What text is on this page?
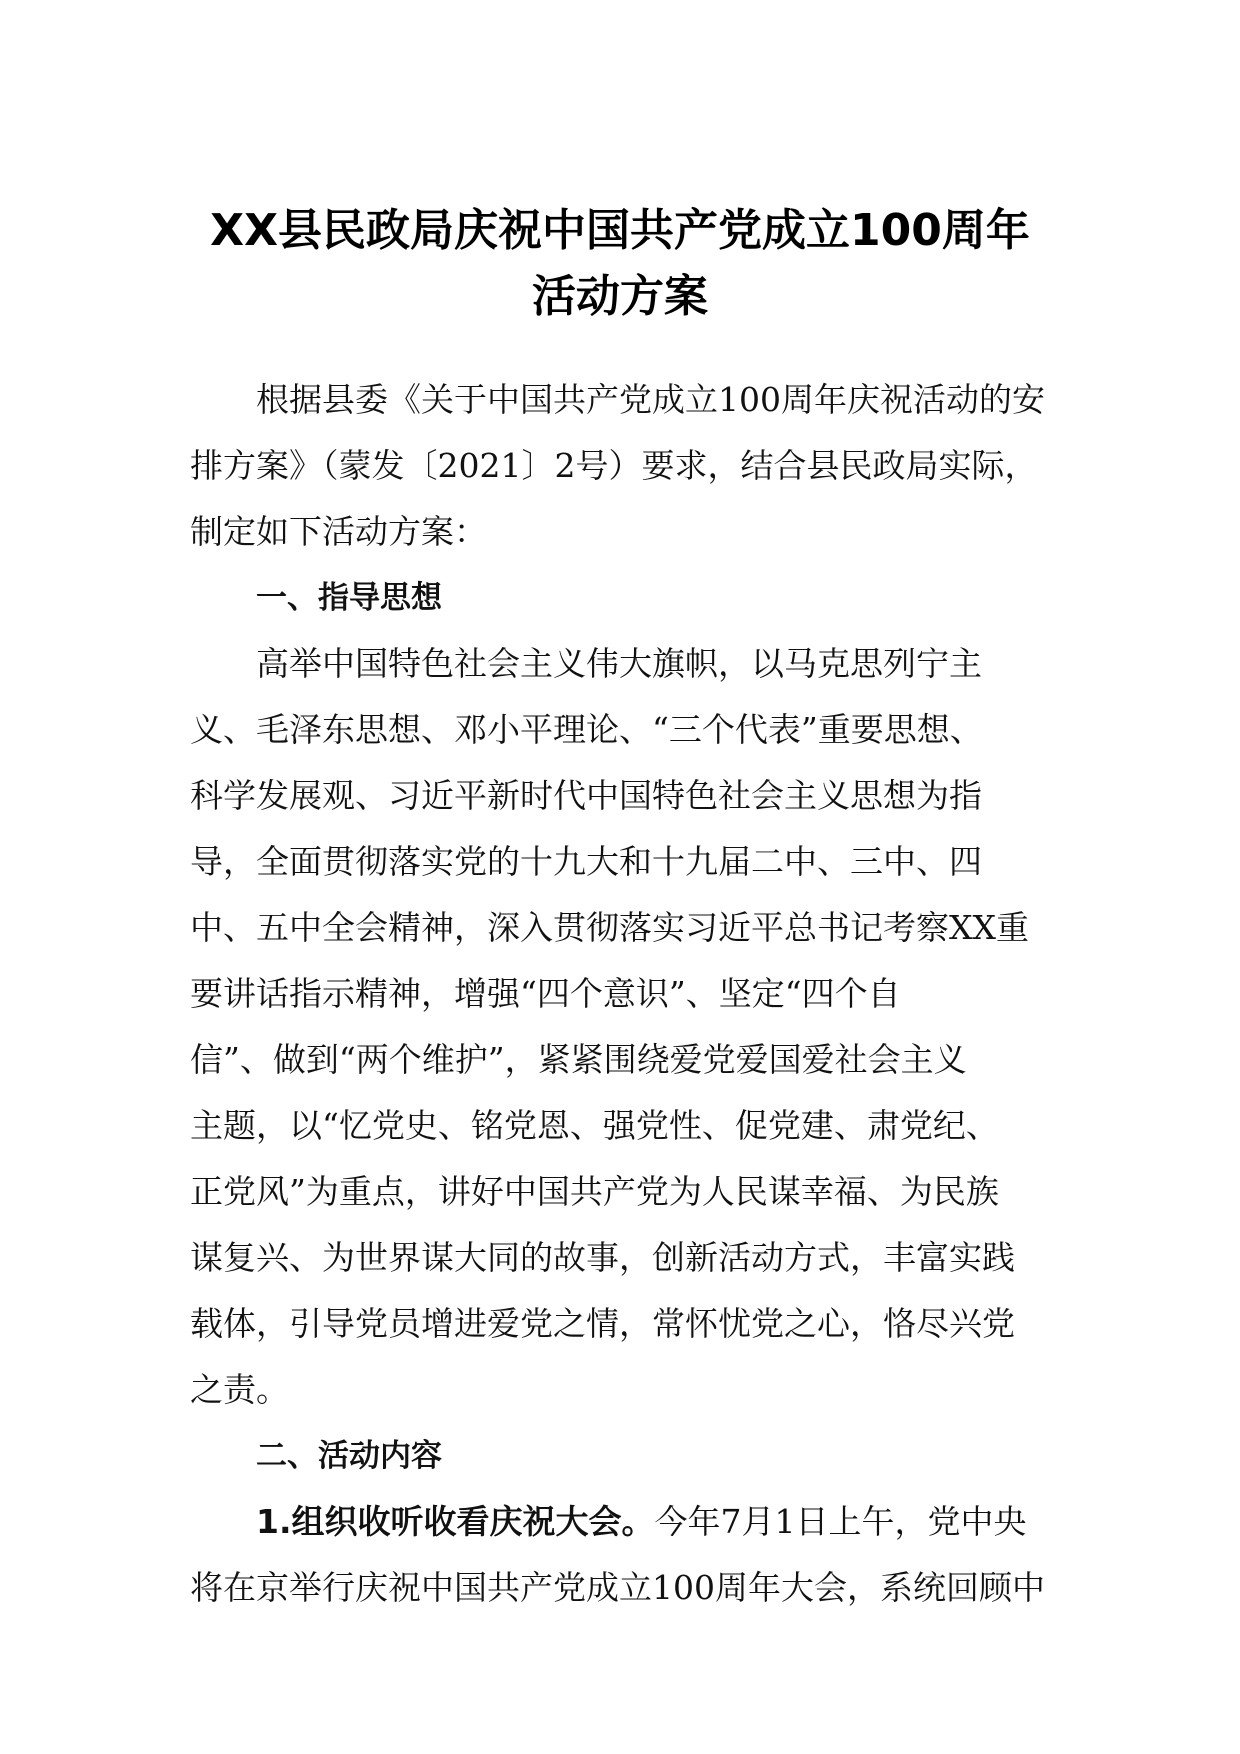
XX县民政局庆祝中国共产党成立100周年
活动方案
根据县委《关于中国共产党成立100周年庆祝活动的安
排方案》（蒙发〔2021〕2号）要求，结合县民政局实际，
制定如下活动方案：
一、指导思想
高举中国特色社会主义伟大旗帜，以马克思列宁主
义、毛泽东思想、邓小平理论、“三个代表”重要思想、
科学发展观、习近平新时代中国特色社会主义思想为指
导，全面贯彻落实党的十九大和十九届二中、三中、四
中、五中全会精神，深入贯彻落实习近平总书记考察XX重
要讲话指示精神，增强“四个意识”、坚定“四个自
信”、做到“两个维护”，紧紧围绕爱党爱国爱社会主义
主题，以“忆党史、铭党恩、强党性、促党建、肃党纪、
正党风”为重点，讲好中国共产党为人民谋幸福、为民族
谋复兴、为世界谋大同的故事，创新活动方式，丰富实践
载体，引导党员增进爱党之情，常怀忧党之心，恪尽兴党
之责。
二、活动内容
1.组织收听收看庆祝大会。今年7月1日上午，党中央
将在京举行庆祝中国共产党成立100周年大会，系统回顾中
